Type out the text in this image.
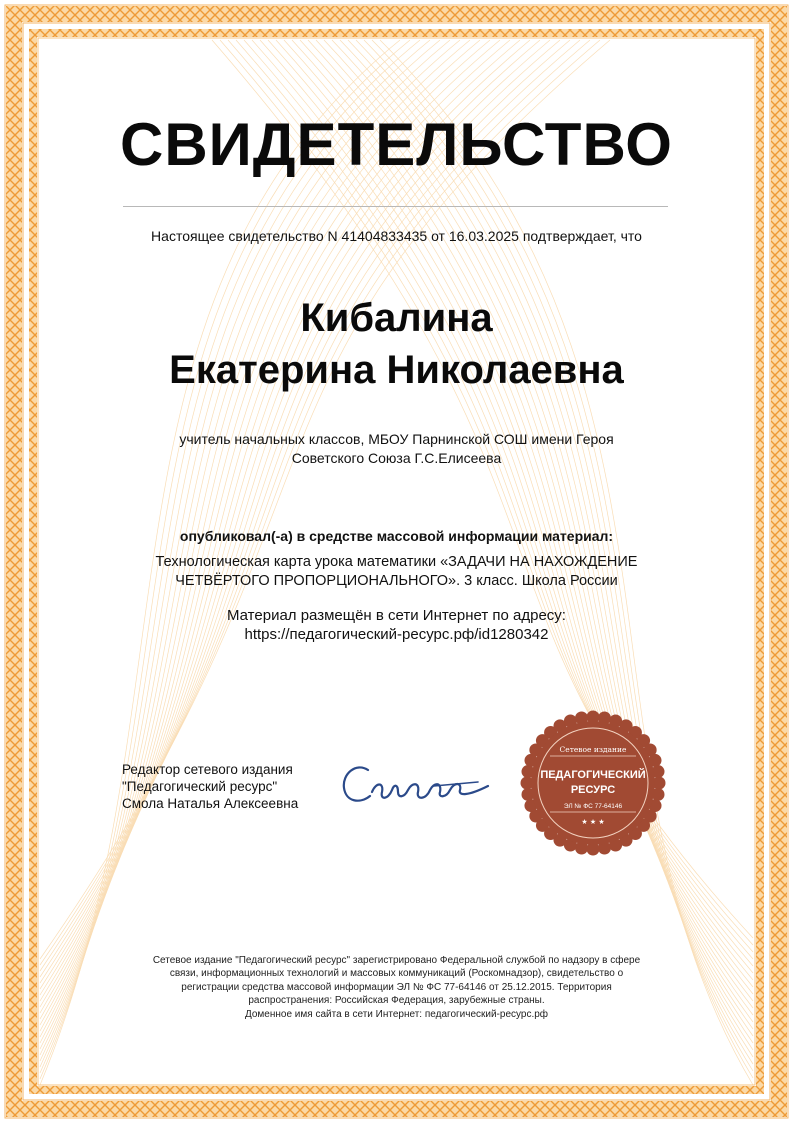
СВИДЕТЕЛЬСТВО
Настоящее свидетельство N 41404833435 от 16.03.2025 подтверждает, что
Кибалина
Екатерина Николаевна
учитель начальных классов, МБОУ Парнинской СОШ имени Героя
Советского Союза Г.С.Елисеева
опубликовал(-а) в средстве массовой информации материал:
Технологическая карта урока математики «ЗАДАЧИ НА НАХОЖДЕНИЕ
ЧЕТВЁРТОГО ПРОПОРЦИОНАЛЬНОГО». 3 класс. Школа России
Материал размещён в сети Интернет по адресу:
https://педагогический-ресурс.рф/id1280342
Редактор сетевого издания
"Педагогический ресурс"
Смола Наталья Алексеевна
Сетевое издание
ПЕДАГОГИЧЕСКИЙ
РЕСУРС
ЭЛ № ФС 77-64146
★ ★ ★
Сетевое издание "Педагогический ресурс" зарегистрировано Федеральной службой по надзору в сфере
связи, информационных технологий и массовых коммуникаций (Роскомнадзор), свидетельство о
регистрации средства массовой информации ЭЛ № ФС 77-64146 от 25.12.2015. Территория
распространения: Российская Федерация, зарубежные страны.
Доменное имя сайта в сети Интернет: педагогический-ресурс.рф
